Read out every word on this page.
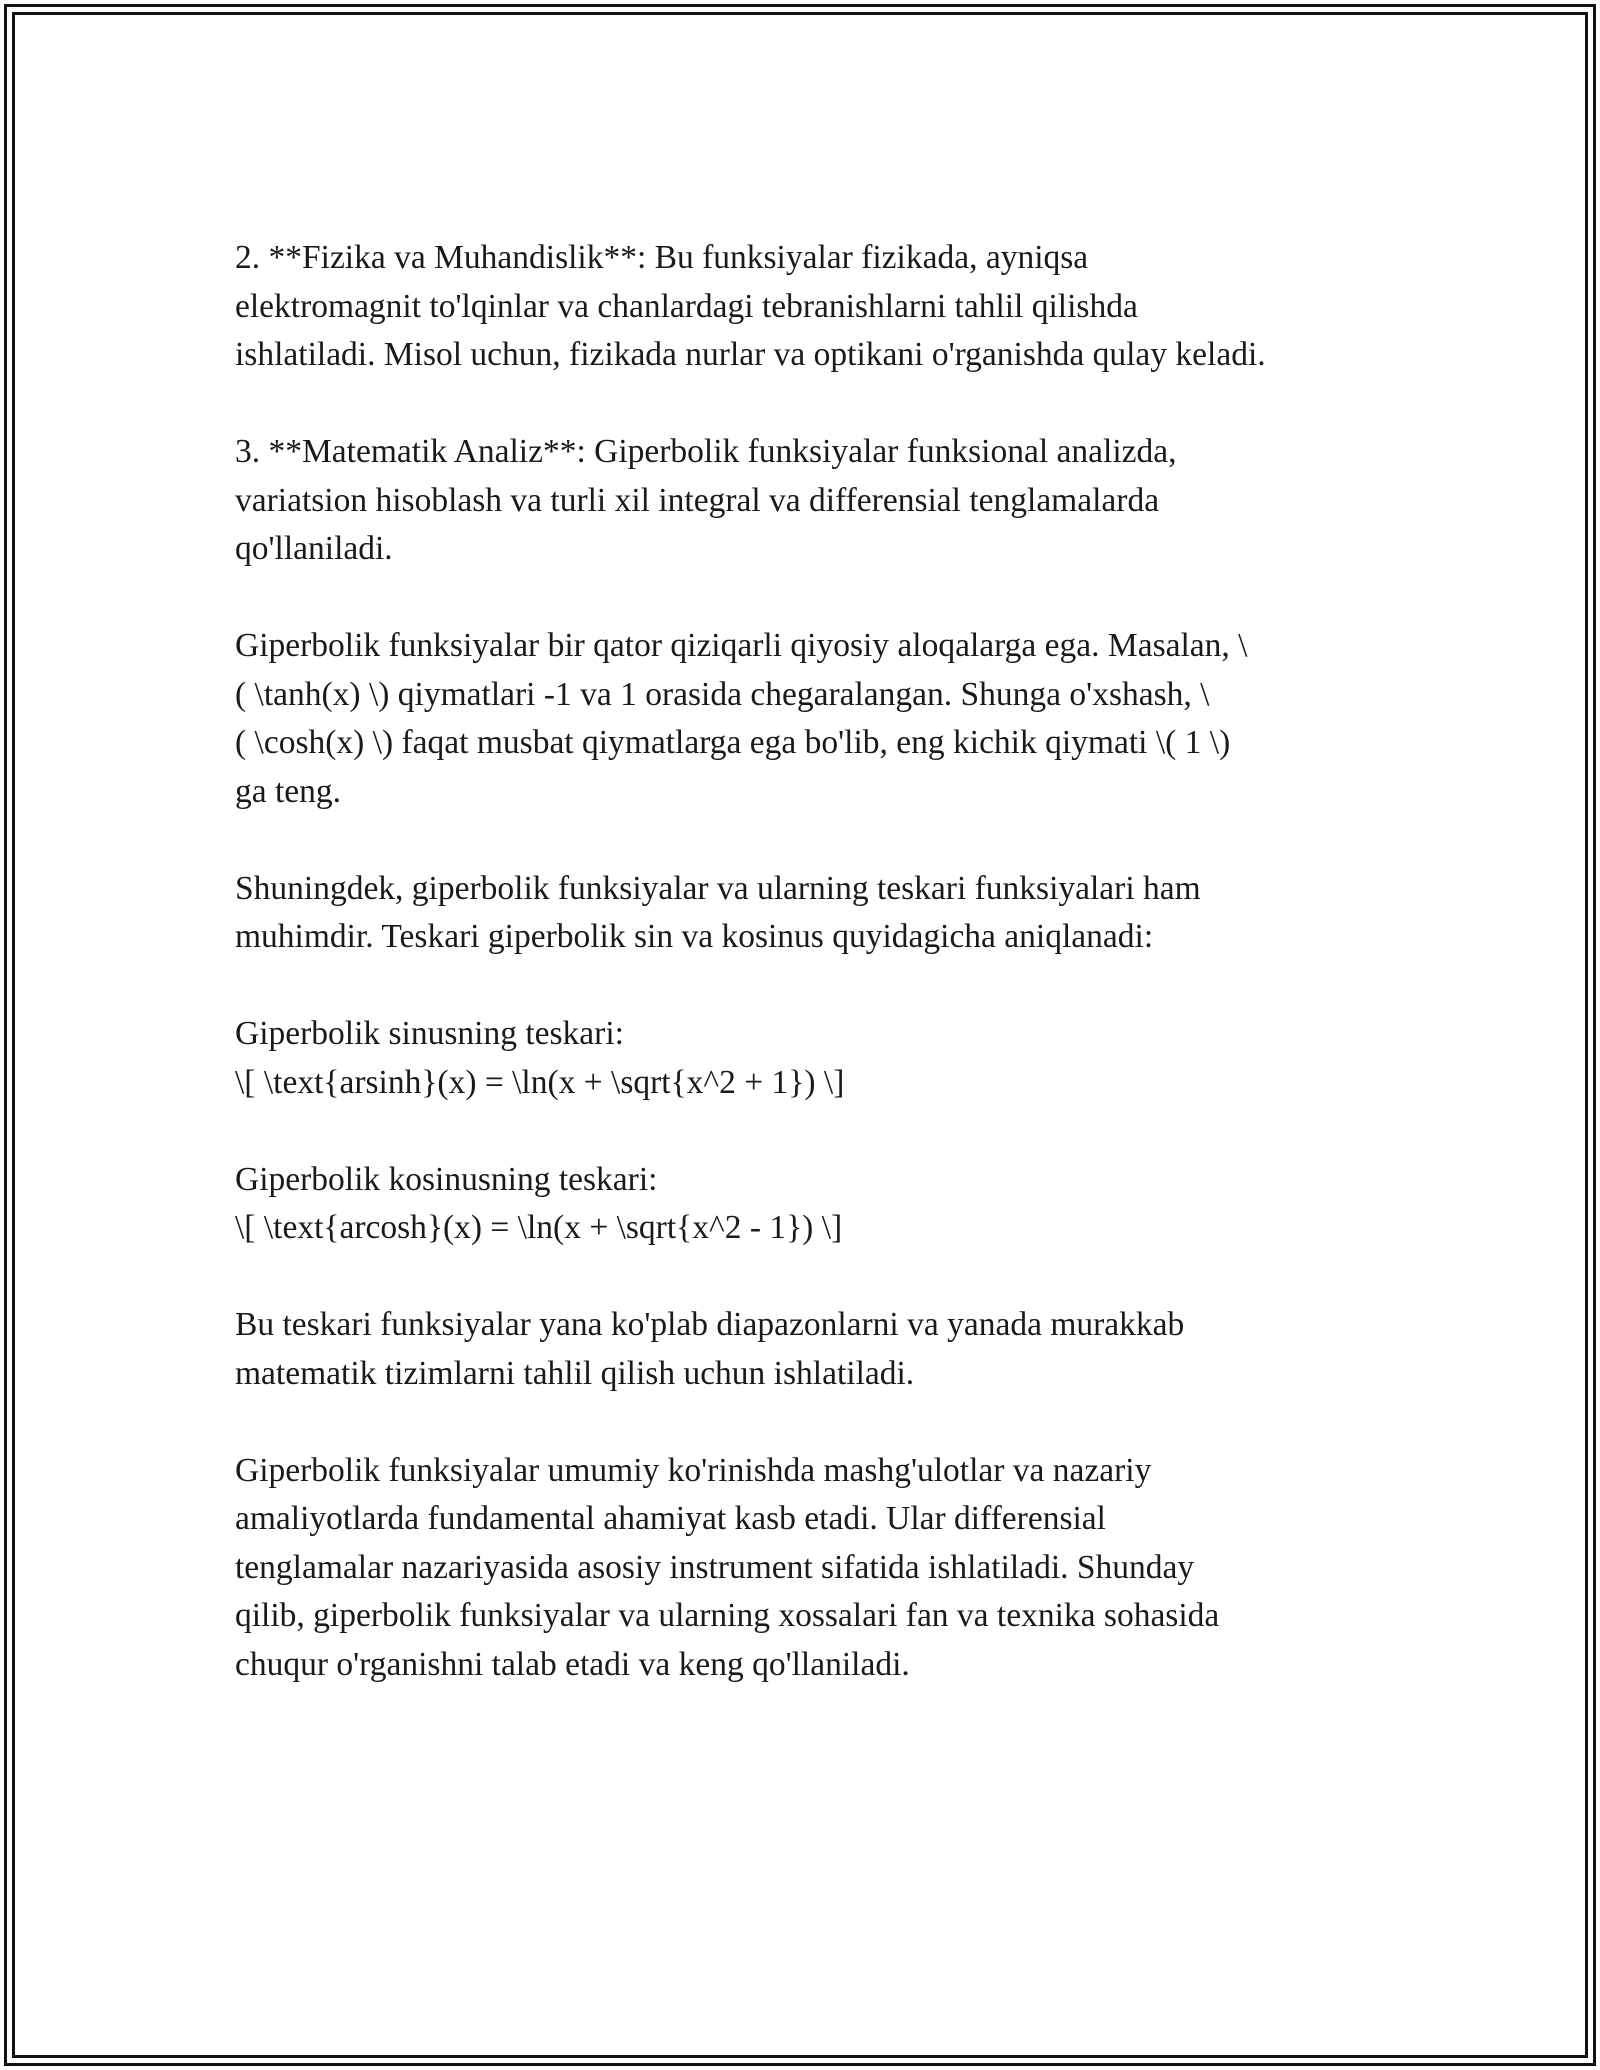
2. **Fizika va Muhandislik**: Bu funksiyalar fizikada, ayniqsa
elektromagnit to'lqinlar va chanlardagi tebranishlarni tahlil qilishda
ishlatiladi. Misol uchun, fizikada nurlar va optikani o'rganishda qulay keladi.

3. **Matematik Analiz**: Giperbolik funksiyalar funksional analizda,
variatsion hisoblash va turli xil integral va differensial tenglamalarda
qo'llaniladi.

Giperbolik funksiyalar bir qator qiziqarli qiyosiy aloqalarga ega. Masalan, \
( \tanh(x) \) qiymatlari -1 va 1 orasida chegaralangan. Shunga o'xshash, \
( \cosh(x) \) faqat musbat qiymatlarga ega bo'lib, eng kichik qiymati \( 1 \)
ga teng.

Shuningdek, giperbolik funksiyalar va ularning teskari funksiyalari ham
muhimdir. Teskari giperbolik sin va kosinus quyidagicha aniqlanadi:

Giperbolik sinusning teskari:
\[ \text{arsinh}(x) = \ln(x + \sqrt{x^2 + 1}) \]

Giperbolik kosinusning teskari:
\[ \text{arcosh}(x) = \ln(x + \sqrt{x^2 - 1}) \]

Bu teskari funksiyalar yana ko'plab diapazonlarni va yanada murakkab
matematik tizimlarni tahlil qilish uchun ishlatiladi.

Giperbolik funksiyalar umumiy ko'rinishda mashg'ulotlar va nazariy
amaliyotlarda fundamental ahamiyat kasb etadi. Ular differensial
tenglamalar nazariyasida asosiy instrument sifatida ishlatiladi. Shunday
qilib, giperbolik funksiyalar va ularning xossalari fan va texnika sohasida
chuqur o'rganishni talab etadi va keng qo'llaniladi.
